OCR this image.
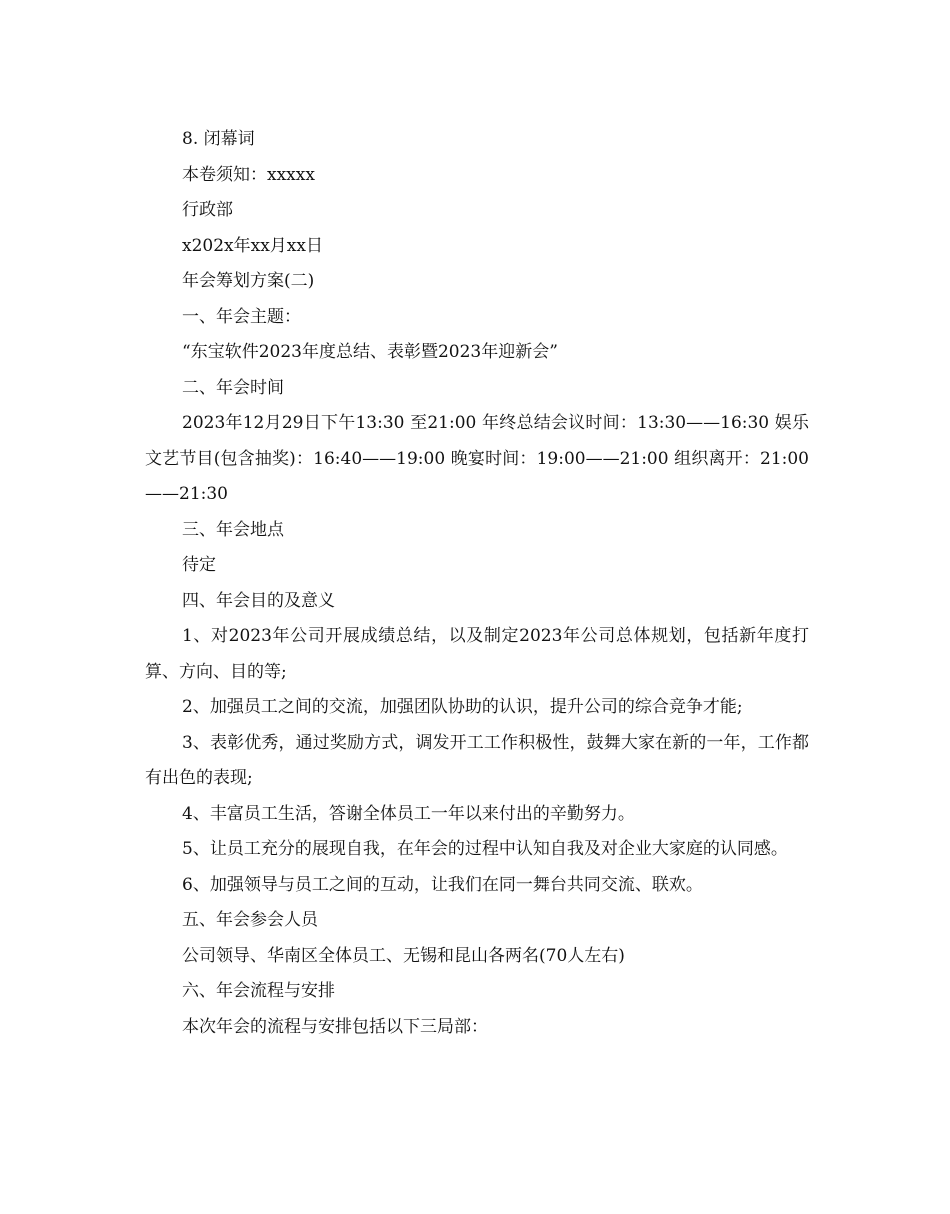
8. 闭幕词

本卷须知：xxxxx

行政部

x202x年xx月xx日

年会筹划方案(二)

一、年会主题：

“东宝软件2023年度总结、表彰暨2023年迎新会”

二、年会时间

2023年12月29日下午13:30 至21:00 年终总结会议时间：13:30——16:30 娱乐文艺节目(包含抽奖)：16:40——19:00 晚宴时间：19:00——21:00 组织离开：21:00——21:30

三、年会地点

待定

四、年会目的及意义

1、对2023年公司开展成绩总结，以及制定2023年公司总体规划，包括新年度打算、方向、目的等;

2、加强员工之间的交流，加强团队协助的认识，提升公司的综合竞争才能;

3、表彰优秀，通过奖励方式，调发开工工作积极性，鼓舞大家在新的一年，工作都有出色的表现;

4、丰富员工生活，答谢全体员工一年以来付出的辛勤努力。

5、让员工充分的展现自我，在年会的过程中认知自我及对企业大家庭的认同感。

6、加强领导与员工之间的互动，让我们在同一舞台共同交流、联欢。

五、年会参会人员

公司领导、华南区全体员工、无锡和昆山各两名(70人左右)

六、年会流程与安排

本次年会的流程与安排包括以下三局部：
